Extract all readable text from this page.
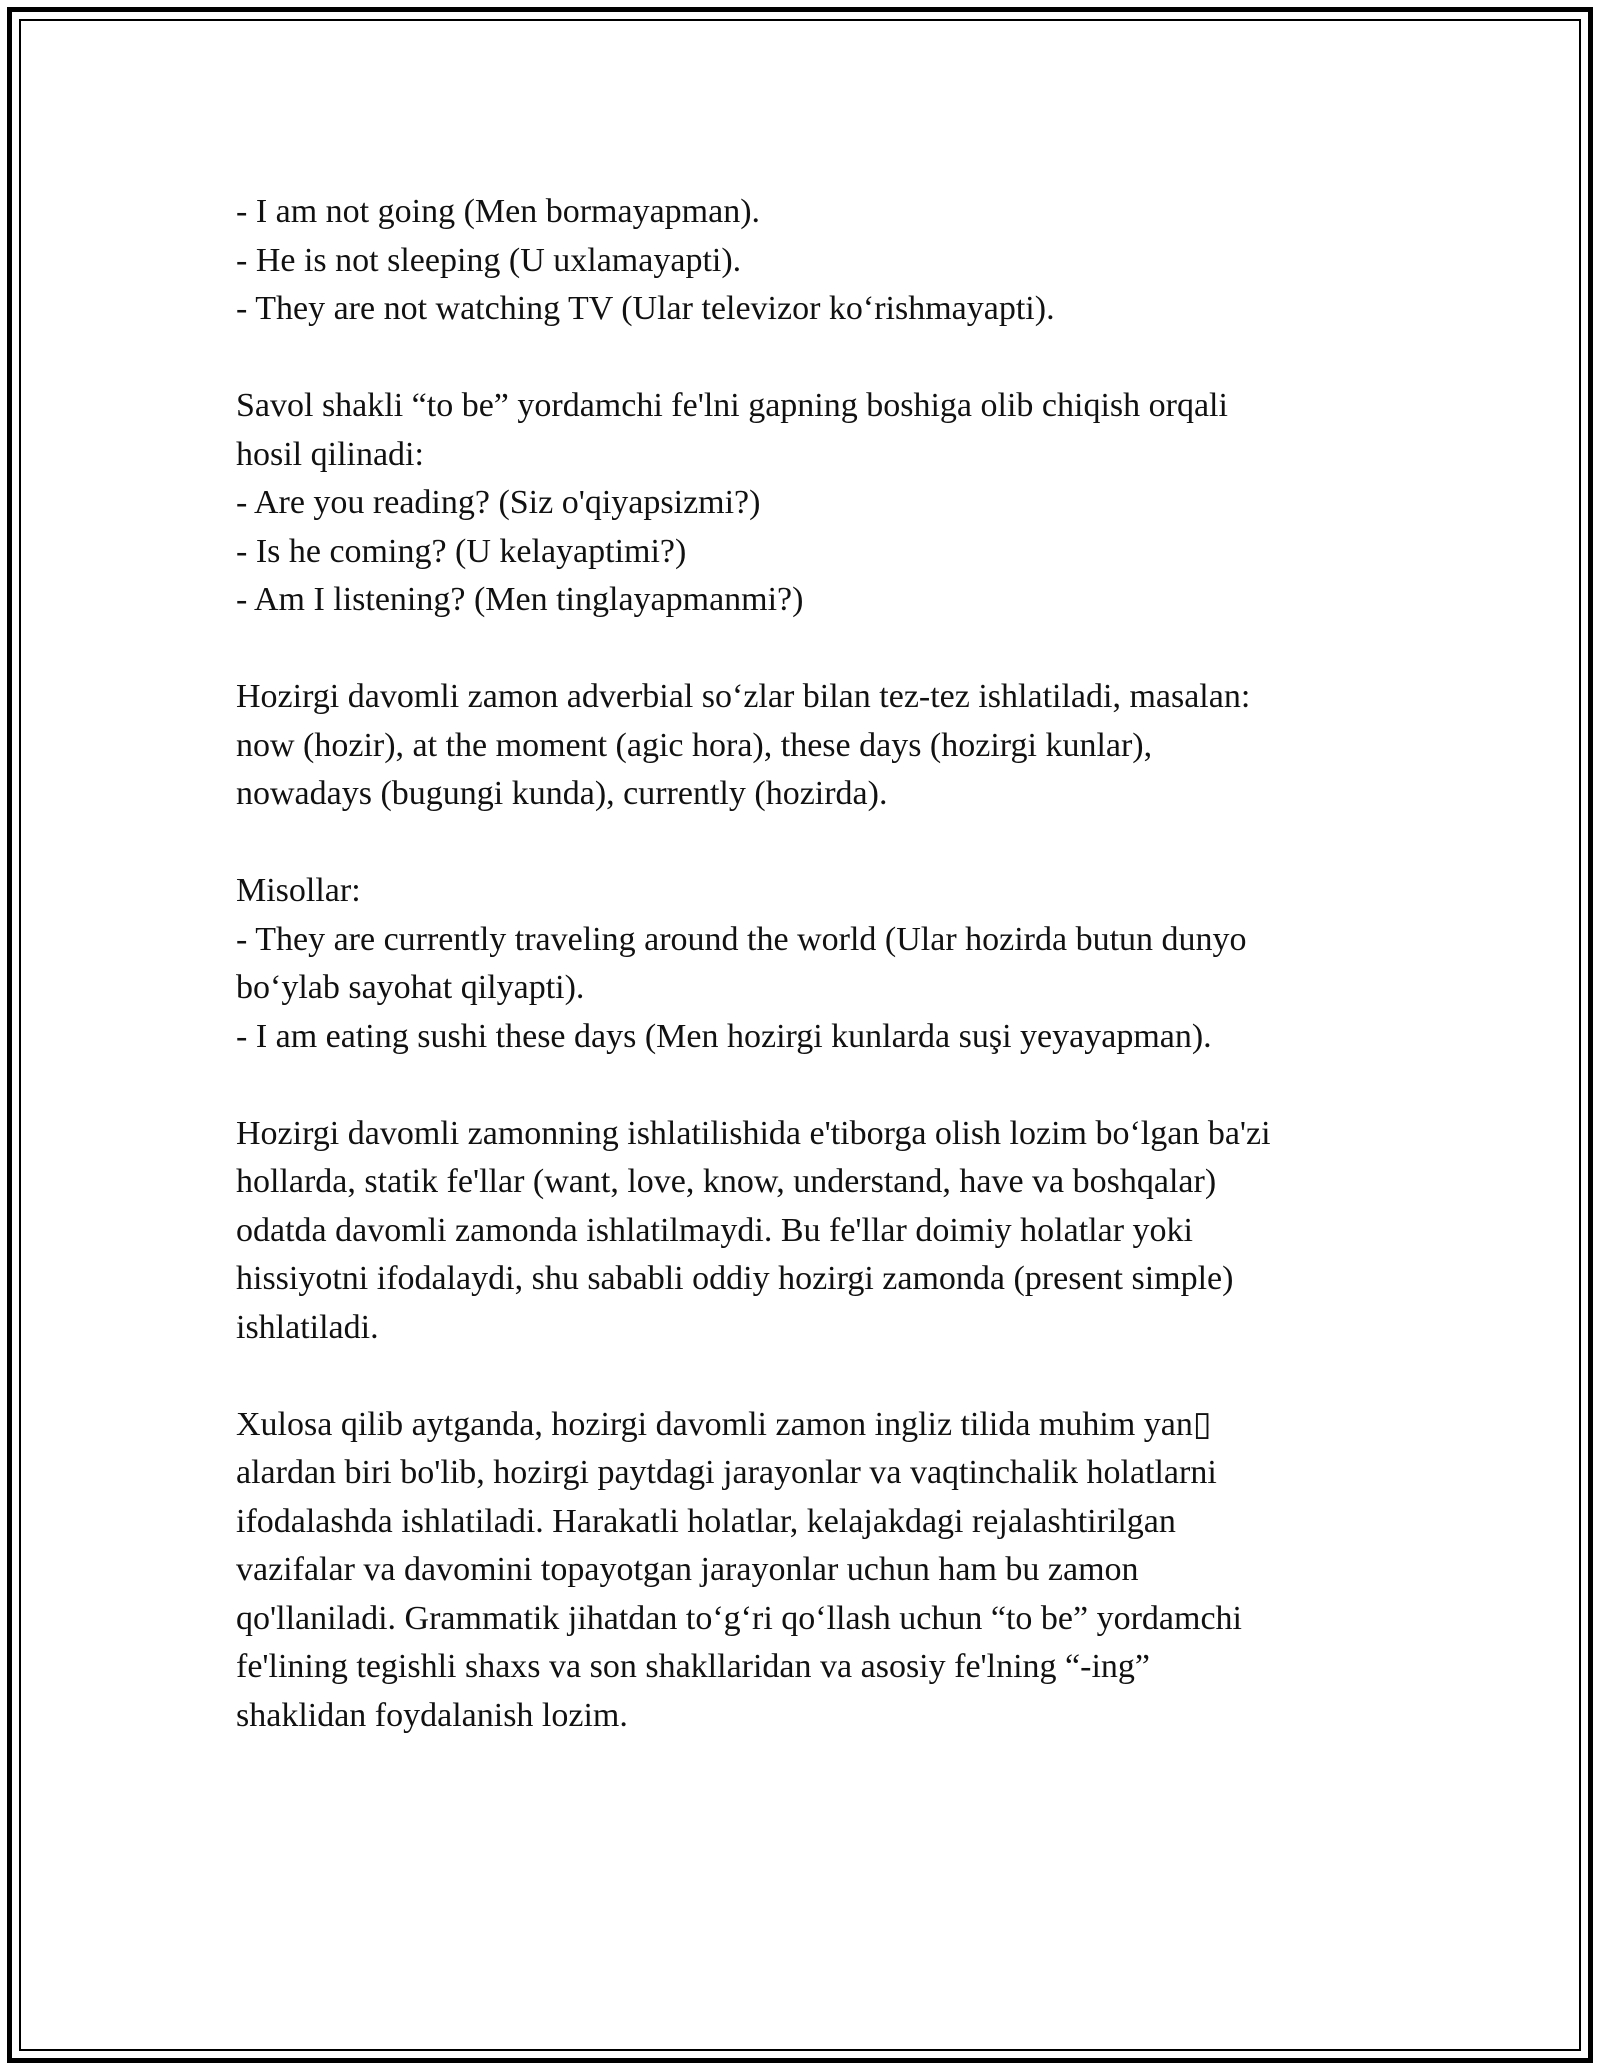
- I am not going (Men bormayapman).
- He is not sleeping (U uxlamayapti).
- They are not watching TV (Ular televizor ko‘rishmayapti).
Savol shakli “to be” yordamchi fe'lni gapning boshiga olib chiqish orqali
hosil qilinadi:
- Are you reading? (Siz o'qiyapsizmi?)
- Is he coming? (U kelayaptimi?)
- Am I listening? (Men tinglayapmanmi?)
Hozirgi davomli zamon adverbial so‘zlar bilan tez-tez ishlatiladi, masalan:
now (hozir), at the moment (agic hora), these days (hozirgi kunlar),
nowadays (bugungi kunda), currently (hozirda).
Misollar:
- They are currently traveling around the world (Ular hozirda butun dunyo
bo‘ylab sayohat qilyapti).
- I am eating sushi these days (Men hozirgi kunlarda suşi yeyayapman).
Hozirgi davomli zamonning ishlatilishida e'tiborga olish lozim bo‘lgan ba'zi
hollarda, statik fe'llar (want, love, know, understand, have va boshqalar)
odatda davomli zamonda ishlatilmaydi. Bu fe'llar doimiy holatlar yoki
hissiyotni ifodalaydi, shu sababli oddiy hozirgi zamonda (present simple)
ishlatiladi.
Xulosa qilib aytganda, hozirgi davomli zamon ingliz tilida muhim yan▯
alardan biri bo'lib, hozirgi paytdagi jarayonlar va vaqtinchalik holatlarni
ifodalashda ishlatiladi. Harakatli holatlar, kelajakdagi rejalashtirilgan
vazifalar va davomini topayotgan jarayonlar uchun ham bu zamon
qo'llaniladi. Grammatik jihatdan to‘g‘ri qo‘llash uchun “to be” yordamchi
fe'lining tegishli shaxs va son shakllaridan va asosiy fe'lning “-ing”
shaklidan foydalanish lozim.
